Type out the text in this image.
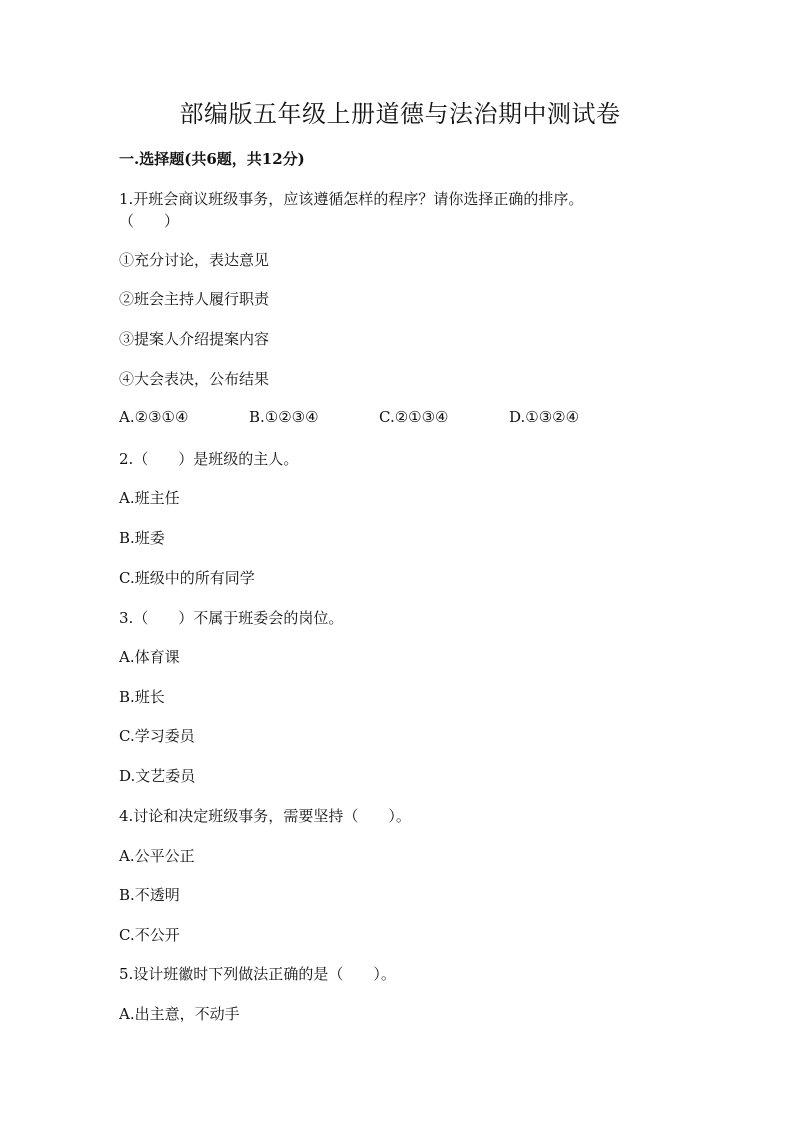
部编版五年级上册道德与法治期中测试卷
一.选择题(共6题，共12分)
1.开班会商议班级事务，应该遵循怎样的程序？请你选择正确的排序。
（　　）
①充分讨论，表达意见
②班会主持人履行职责
③提案人介绍提案内容
④大会表决，公布结果
A.②③①④	B.①②③④	C.②①③④	D.①③②④
2.（　　）是班级的主人。
A.班主任
B.班委
C.班级中的所有同学
3.（　　）不属于班委会的岗位。
A.体育课
B.班长
C.学习委员
D.文艺委员
4.讨论和决定班级事务，需要坚持（　　）。
A.公平公正
B.不透明
C.不公开
5.设计班徽时下列做法正确的是（　　）。
A.出主意，不动手
